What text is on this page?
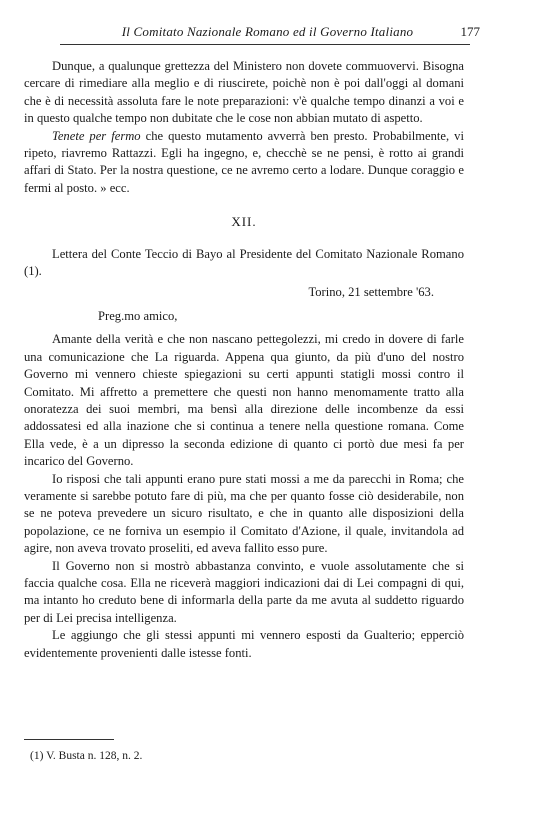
Il Comitato Nazionale Romano ed il Governo Italiano	177

Dunque, a qualunque grettezza del Ministero non dovete commuovervi. Bisogna cercare di rimediare alla meglio e di riuscirete, poichè non è poi dall'oggi al domani che è di necessità assoluta fare le note preparazioni: v'è qualche tempo dinanzi a voi e in questo qualche tempo non dubitate che le cose non abbian mutato di aspetto.

Tenete per fermo che questo mutamento avverrà ben presto. Probabilmente, vi ripeto, riavremo Rattazzi. Egli ha ingegno, e, checchè se ne pensi, è rotto ai grandi affari di Stato. Per la nostra questione, ce ne avremo certo a lodare. Dunque coraggio e fermi al posto. » ecc.

XII.

Lettera del Conte Teccio di Bayo al Presidente del Comitato Nazionale Romano (1).

Torino, 21 settembre '63.

Preg.mo amico,

Amante della verità e che non nascano pettegolezzi, mi credo in dovere di farle una comunicazione che La riguarda. Appena qua giunto, da più d'uno del nostro Governo mi vennero chieste spiegazioni su certi appunti statigli mossi contro il Comitato. Mi affretto a premettere che questi non hanno menomamente tratto alla onoratezza dei suoi membri, ma bensì alla direzione delle incombenze da essi addossatesi ed alla inazione che si continua a tenere nella questione romana. Come Ella vede, è a un dipresso la seconda edizione di quanto ci portò due mesi fa per incarico del Governo.

Io risposi che tali appunti erano pure stati mossi a me da parecchi in Roma; che veramente si sarebbe potuto fare di più, ma che per quanto fosse ciò desiderabile, non se ne poteva prevedere un sicuro risultato, e che in quanto alle disposizioni della popolazione, ce ne forniva un esempio il Comitato d'Azione, il quale, invitandola ad agire, non aveva trovato proseliti, ed aveva fallito esso pure.

Il Governo non si mostrò abbastanza convinto, e vuole assolutamente che si faccia qualche cosa. Ella ne riceverà maggiori indicazioni dai di Lei compagni di qui, ma intanto ho creduto bene di informarla della parte da me avuta al suddetto riguardo per di Lei precisa intelligenza.

Le aggiungo che gli stessi appunti mi vennero esposti da Gualterio; epperciò evidentemente provenienti dalle istesse fonti.

(1) V. Busta n. 128, n. 2.
